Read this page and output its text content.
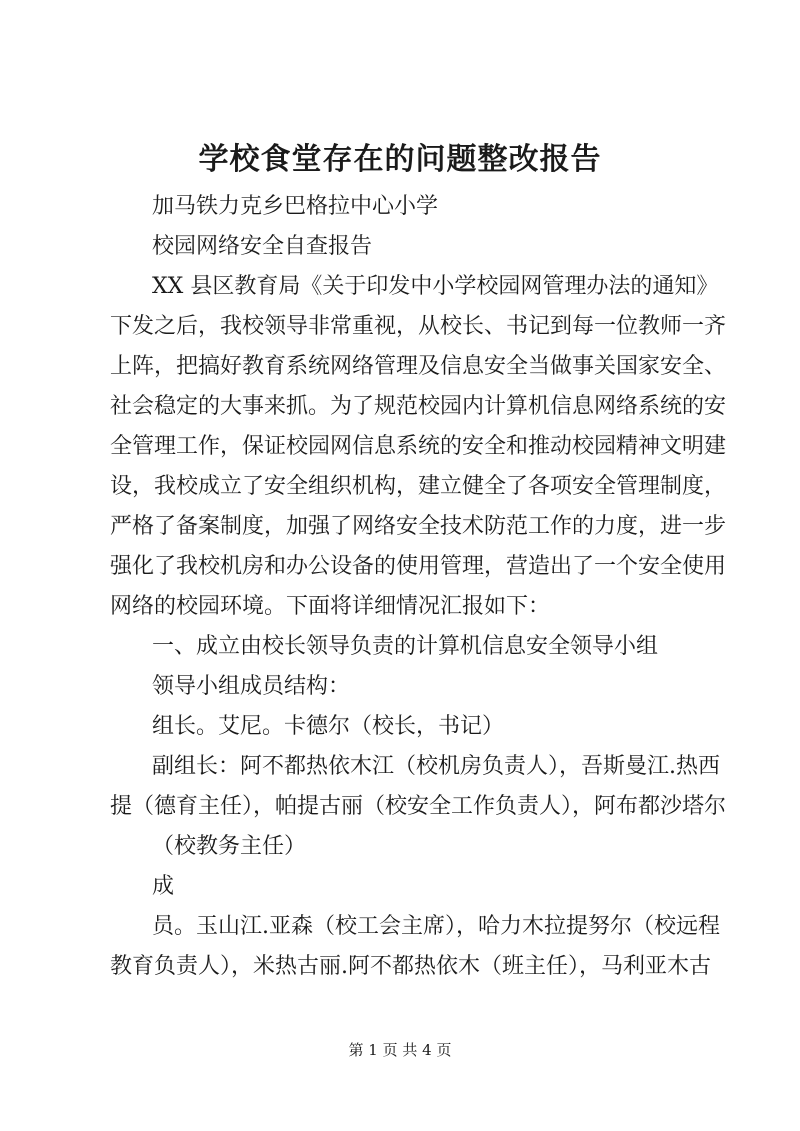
学校食堂存在的问题整改报告
加马铁力克乡巴格拉中心小学
校园网络安全自查报告
XX 县区教育局《关于印发中小学校园网管理办法的通知》
下发之后，我校领导非常重视，从校长、书记到每一位教师一齐
上阵，把搞好教育系统网络管理及信息安全当做事关国家安全、
社会稳定的大事来抓。为了规范校园内计算机信息网络系统的安
全管理工作，保证校园网信息系统的安全和推动校园精神文明建
设，我校成立了安全组织机构，建立健全了各项安全管理制度，
严格了备案制度，加强了网络安全技术防范工作的力度，进一步
强化了我校机房和办公设备的使用管理，营造出了一个安全使用
网络的校园环境。下面将详细情况汇报如下：
一、成立由校长领导负责的计算机信息安全领导小组
领导小组成员结构：
组长。艾尼。卡德尔（校长，书记）
副组长：阿不都热依木江（校机房负责人），吾斯曼江.热西
提（德育主任），帕提古丽（校安全工作负责人），阿布都沙塔尔
（校教务主任）
成
员。玉山江.亚森（校工会主席），哈力木拉提努尔（校远程
教育负责人），米热古丽.阿不都热依木（班主任），马利亚木古
第 1 页 共 4 页
